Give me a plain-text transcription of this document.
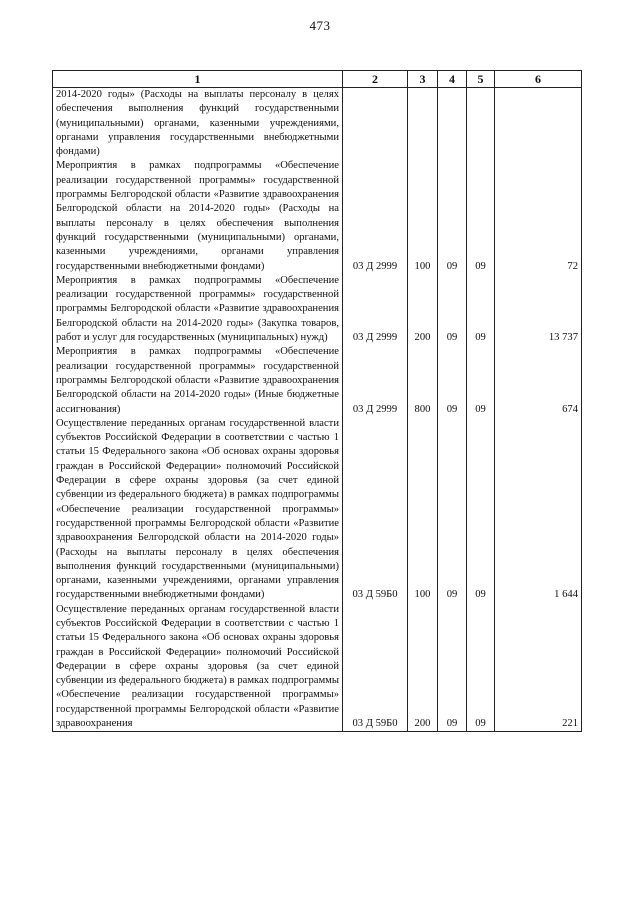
473
1	2	3	4	5	6
2014-2020 годы» (Расходы на выплаты персоналу в целях обеспечения выполнения функций государственными (муниципальными) органами, казенными учреждениями, органами управления государственными внебюджетными фондами)					
Мероприятия в рамках подпрограммы «Обеспечение реализации государственной программы» государственной программы Белгородской области «Развитие здравоохранения Белгородской области на 2014-2020 годы» (Расходы на выплаты персоналу в целях обеспечения выполнения функций государственными (муниципальными) органами, казенными учреждениями, органами управления государственными внебюджетными фондами)	03 Д 2999	100	09	09	72
Мероприятия в рамках подпрограммы «Обеспечение реализации государственной программы» государственной программы Белгородской области «Развитие здравоохранения Белгородской области на 2014-2020 годы» (Закупка товаров, работ и услуг для государственных (муниципальных) нужд)	03 Д 2999	200	09	09	13 737
Мероприятия в рамках подпрограммы «Обеспечение реализации государственной программы» государственной программы Белгородской области «Развитие здравоохранения Белгородской области на 2014-2020 годы» (Иные бюджетные ассигнования)	03 Д 2999	800	09	09	674
Осуществление переданных органам государственной власти субъектов Российской Федерации в соответствии с частью 1 статьи 15 Федерального закона «Об основах охраны здоровья граждан в Российской Федерации» полномочий Российской Федерации в сфере охраны здоровья (за счет единой субвенции из федерального бюджета) в рамках подпрограммы «Обеспечение реализации государственной программы» государственной программы Белгородской области «Развитие здравоохранения Белгородской области на 2014-2020 годы» (Расходы на выплаты персоналу в целях обеспечения выполнения функций государственными (муниципальными) органами, казенными учреждениями, органами управления государственными внебюджетными фондами)	03 Д 59Б0	100	09	09	1 644
Осуществление переданных органам государственной власти субъектов Российской Федерации в соответствии с частью 1 статьи 15 Федерального закона «Об основах охраны здоровья граждан в Российской Федерации» полномочий Российской Федерации в сфере охраны здоровья (за счет единой субвенции из федерального бюджета) в рамках подпрограммы «Обеспечение реализации государственной программы» государственной программы Белгородской области «Развитие здравоохранения	03 Д 59Б0	200	09	09	221
